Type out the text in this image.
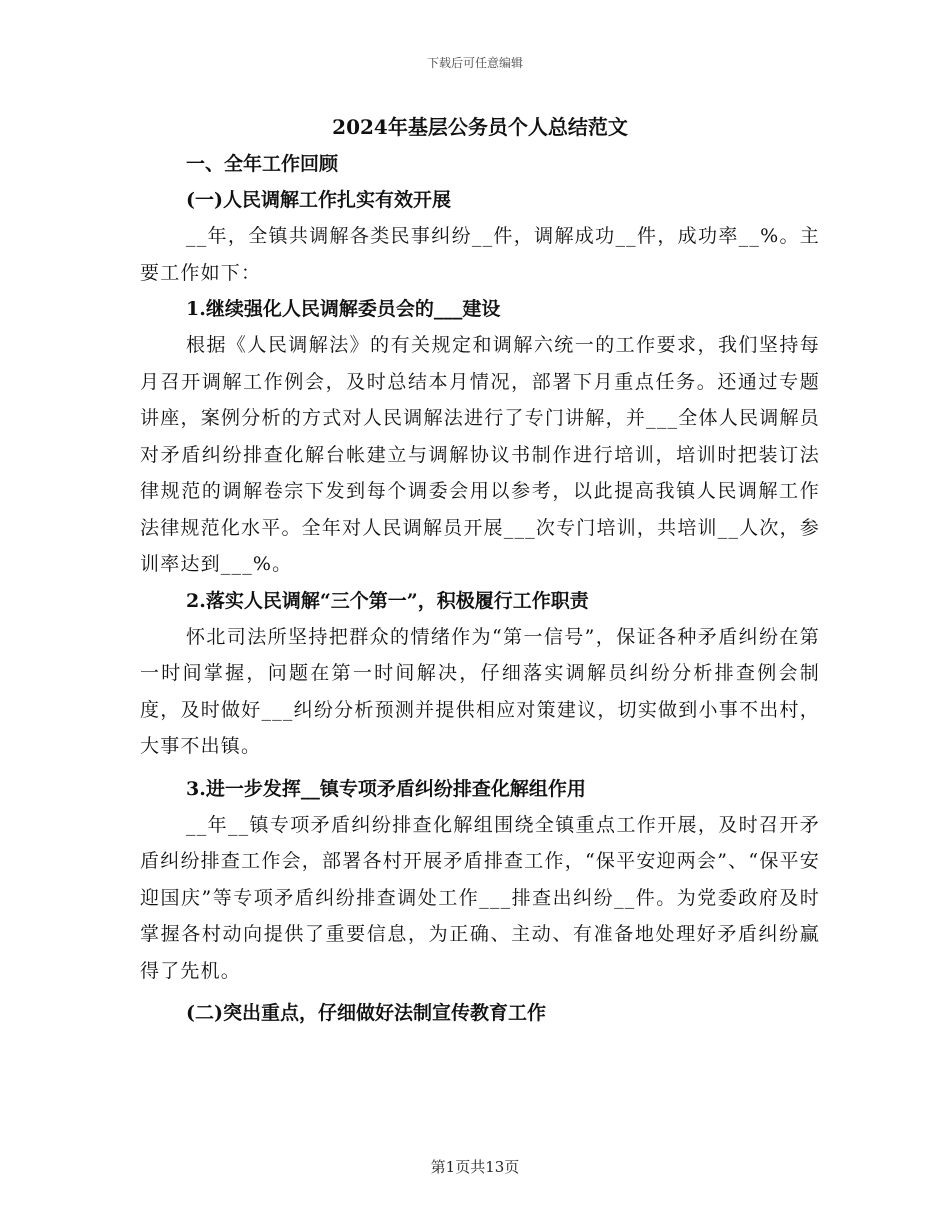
下载后可任意编辑
2024年基层公务员个人总结范文
一、全年工作回顾
(一)人民调解工作扎实有效开展
__年，全镇共调解各类民事纠纷__件，调解成功__件，成功率__%。主要工作如下：
1.继续强化人民调解委员会的___建设
根据《人民调解法》的有关规定和调解六统一的工作要求，我们坚持每月召开调解工作例会，及时总结本月情况，部署下月重点任务。还通过专题讲座，案例分析的方式对人民调解法进行了专门讲解，并___全体人民调解员对矛盾纠纷排查化解台帐建立与调解协议书制作进行培训，培训时把装订法律规范的调解卷宗下发到每个调委会用以参考，以此提高我镇人民调解工作法律规范化水平。全年对人民调解员开展___次专门培训，共培训__人次，参训率达到___%。
2.落实人民调解“三个第一”，积极履行工作职责
怀北司法所坚持把群众的情绪作为“第一信号”，保证各种矛盾纠纷在第一时间掌握，问题在第一时间解决，仔细落实调解员纠纷分析排查例会制度，及时做好___纠纷分析预测并提供相应对策建议，切实做到小事不出村，大事不出镇。
3.进一步发挥__镇专项矛盾纠纷排查化解组作用
__年__镇专项矛盾纠纷排查化解组围绕全镇重点工作开展，及时召开矛盾纠纷排查工作会，部署各村开展矛盾排查工作，“保平安迎两会”、“保平安迎国庆”等专项矛盾纠纷排查调处工作___排查出纠纷__件。为党委政府及时掌握各村动向提供了重要信息，为正确、主动、有准备地处理好矛盾纠纷赢得了先机。
(二)突出重点，仔细做好法制宣传教育工作
第1页共13页
